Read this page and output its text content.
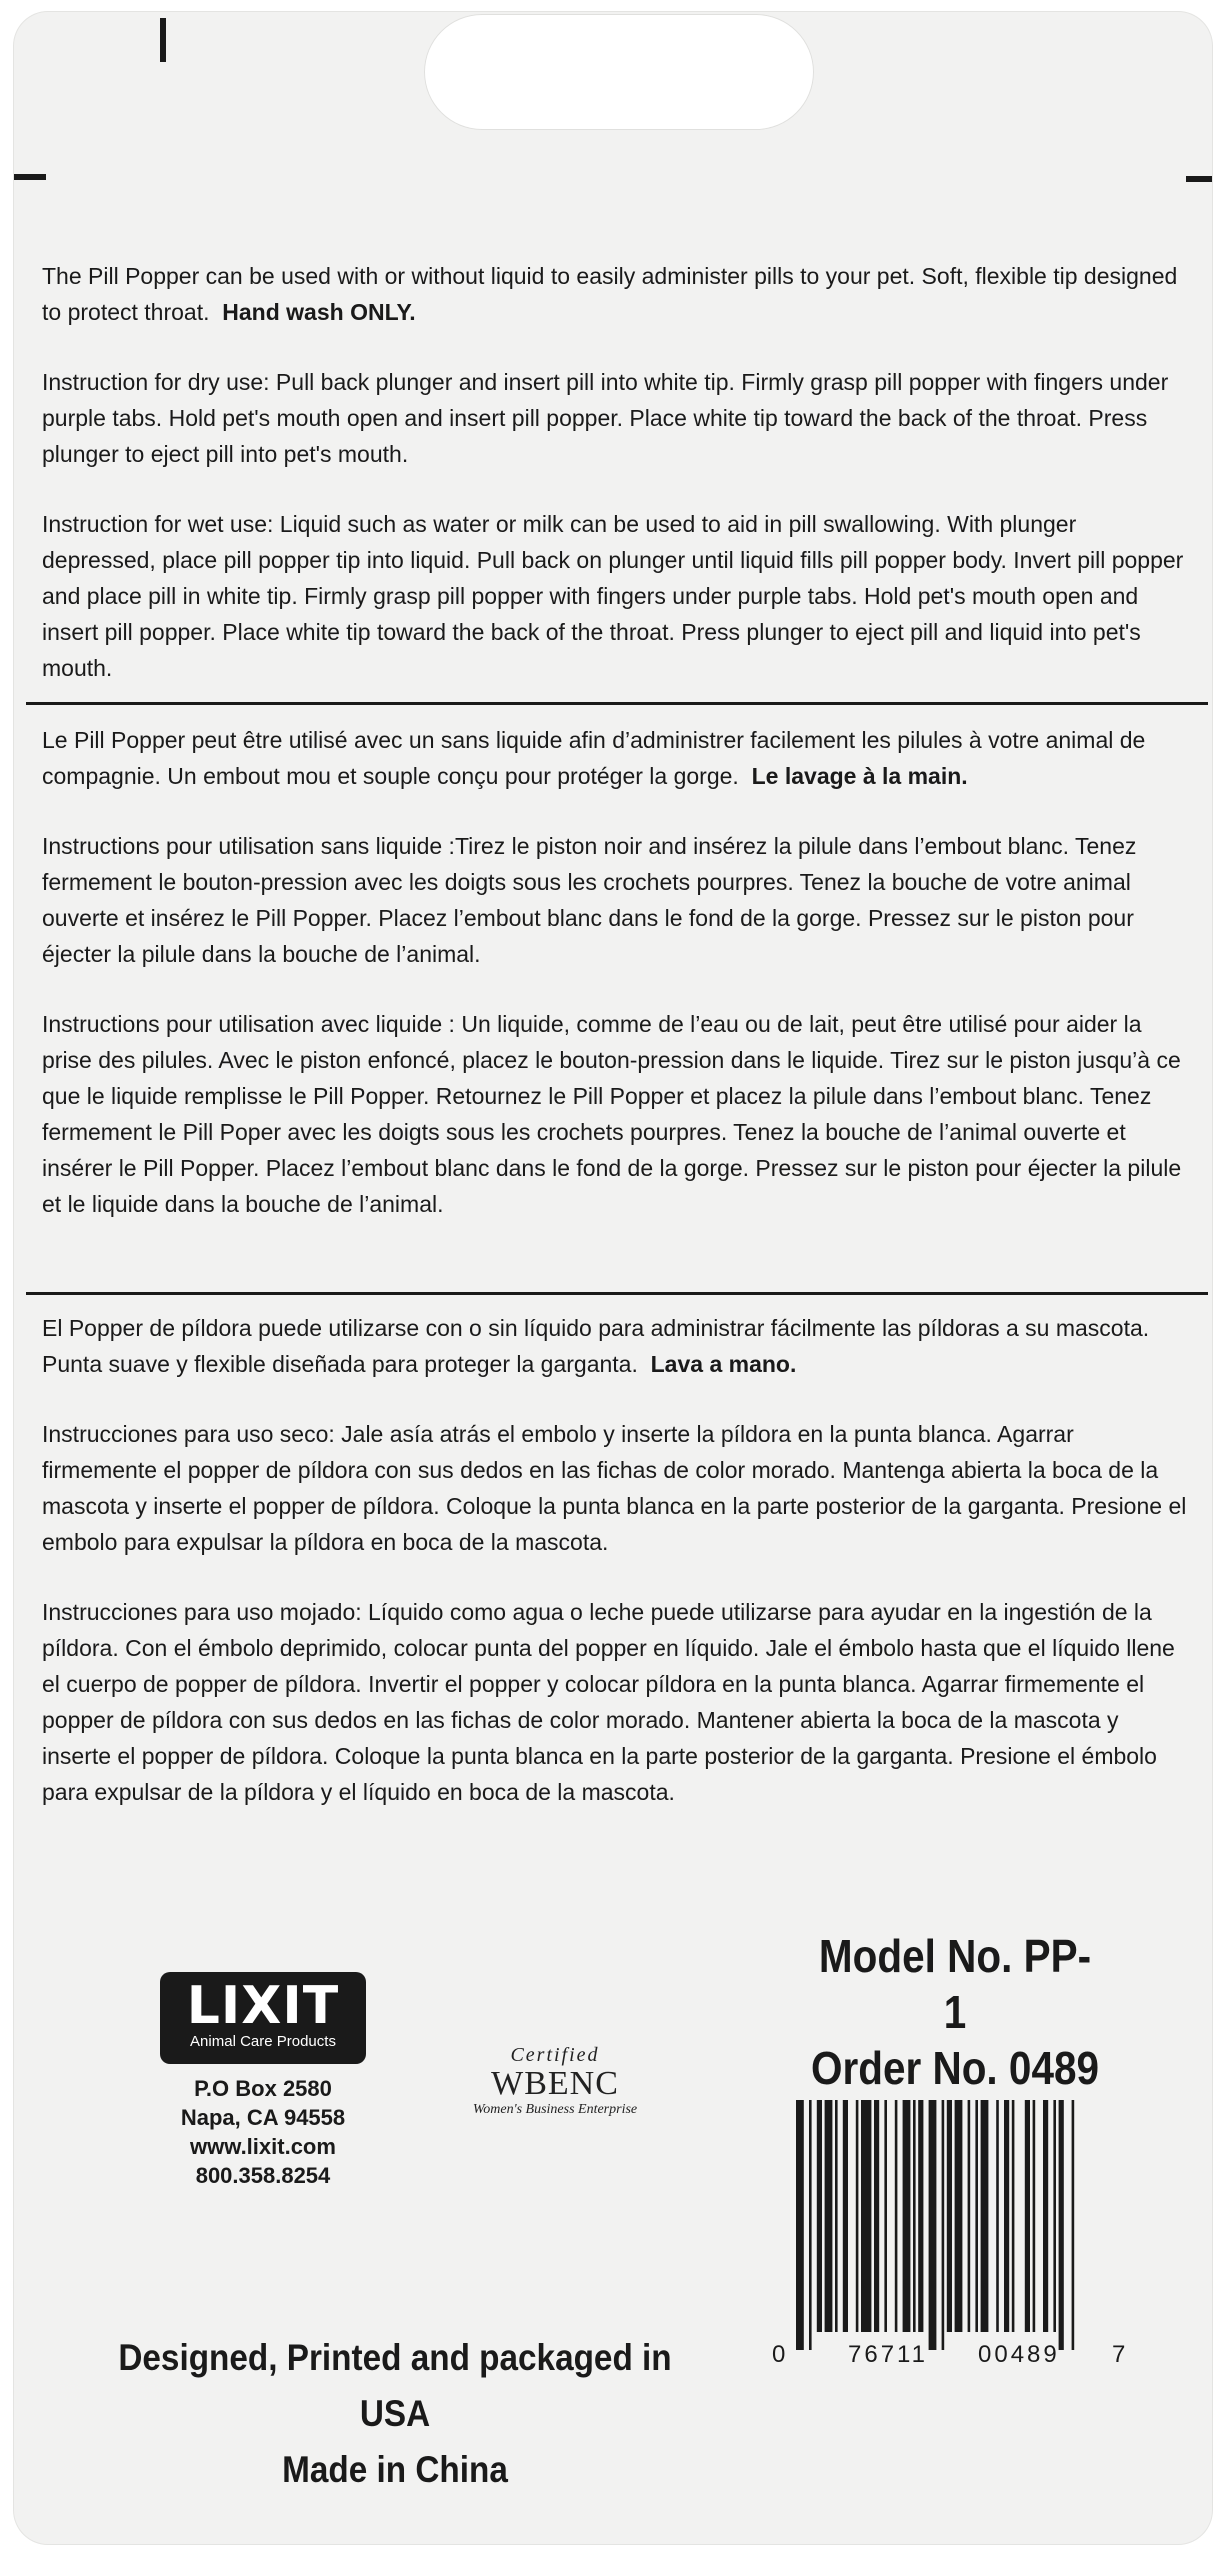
The Pill Popper can be used with or without liquid to easily administer pills to your pet. Soft, flexible tip designed to protect throat. Hand wash ONLY.

Instruction for dry use: Pull back plunger and insert pill into white tip. Firmly grasp pill popper with fingers under purple tabs. Hold pet's mouth open and insert pill popper. Place white tip toward the back of the throat. Press plunger to eject pill into pet's mouth.

Instruction for wet use: Liquid such as water or milk can be used to aid in pill swallowing. With plunger depressed, place pill popper tip into liquid. Pull back on plunger until liquid fills pill popper body. Invert pill popper and place pill in white tip. Firmly grasp pill popper with fingers under purple tabs. Hold pet's mouth open and insert pill popper. Place white tip toward the back of the throat. Press plunger to eject pill and liquid into pet's mouth.

Le Pill Popper peut être utilisé avec un sans liquide afin d’administrer facilement les pilules à votre animal de compagnie. Un embout mou et souple conçu pour protéger la gorge. Le lavage à la main.

Instructions pour utilisation sans liquide :Tirez le piston noir and insérez la pilule dans l’embout blanc. Tenez fermement le bouton-pression avec les doigts sous les crochets pourpres. Tenez la bouche de votre animal ouverte et insérez le Pill Popper. Placez l’embout blanc dans le fond de la gorge. Pressez sur le piston pour éjecter la pilule dans la bouche de l’animal.

Instructions pour utilisation avec liquide : Un liquide, comme de l’eau ou de lait, peut être utilisé pour aider la prise des pilules. Avec le piston enfoncé, placez le bouton-pression dans le liquide. Tirez sur le piston jusqu’à ce que le liquide remplisse le Pill Popper. Retournez le Pill Popper et placez la pilule dans l’embout blanc. Tenez fermement le Pill Poper avec les doigts sous les crochets pourpres. Tenez la bouche de l’animal ouverte et insérer le Pill Popper. Placez l’embout blanc dans le fond de la gorge. Pressez sur le piston pour éjecter la pilule et le liquide dans la bouche de l’animal.

El Popper de píldora puede utilizarse con o sin líquido para administrar fácilmente las píldoras a su mascota. Punta suave y flexible diseñada para proteger la garganta. Lava a mano.

Instrucciones para uso seco: Jale asía atrás el embolo y inserte la píldora en la punta blanca. Agarrar firmemente el popper de píldora con sus dedos en las fichas de color morado. Mantenga abierta la boca de la mascota y inserte el popper de píldora. Coloque la punta blanca en la parte posterior de la garganta. Presione el embolo para expulsar la píldora en boca de la mascota.

Instrucciones para uso mojado: Líquido como agua o leche puede utilizarse para ayudar en la ingestión de la píldora. Con el émbolo deprimido, colocar punta del popper en líquido. Jale el émbolo hasta que el líquido llene el cuerpo de popper de píldora. Invertir el popper y colocar píldora en la punta blanca. Agarrar firmemente el popper de píldora con sus dedos en las fichas de color morado. Mantener abierta la boca de la mascota y inserte el popper de píldora. Coloque la punta blanca en la parte posterior de la garganta. Presione el émbolo para expulsar de la píldora y el líquido en boca de la mascota.

LIXIT
Animal Care Products
P.O Box 2580
Napa, CA 94558
www.lixit.com
800.358.8254
Certified
WBENC
Women's Business Enterprise
Model No. PP-1
Order No. 0489
0	76711 00489 7
Designed, Printed and packaged in USA
Made in China
